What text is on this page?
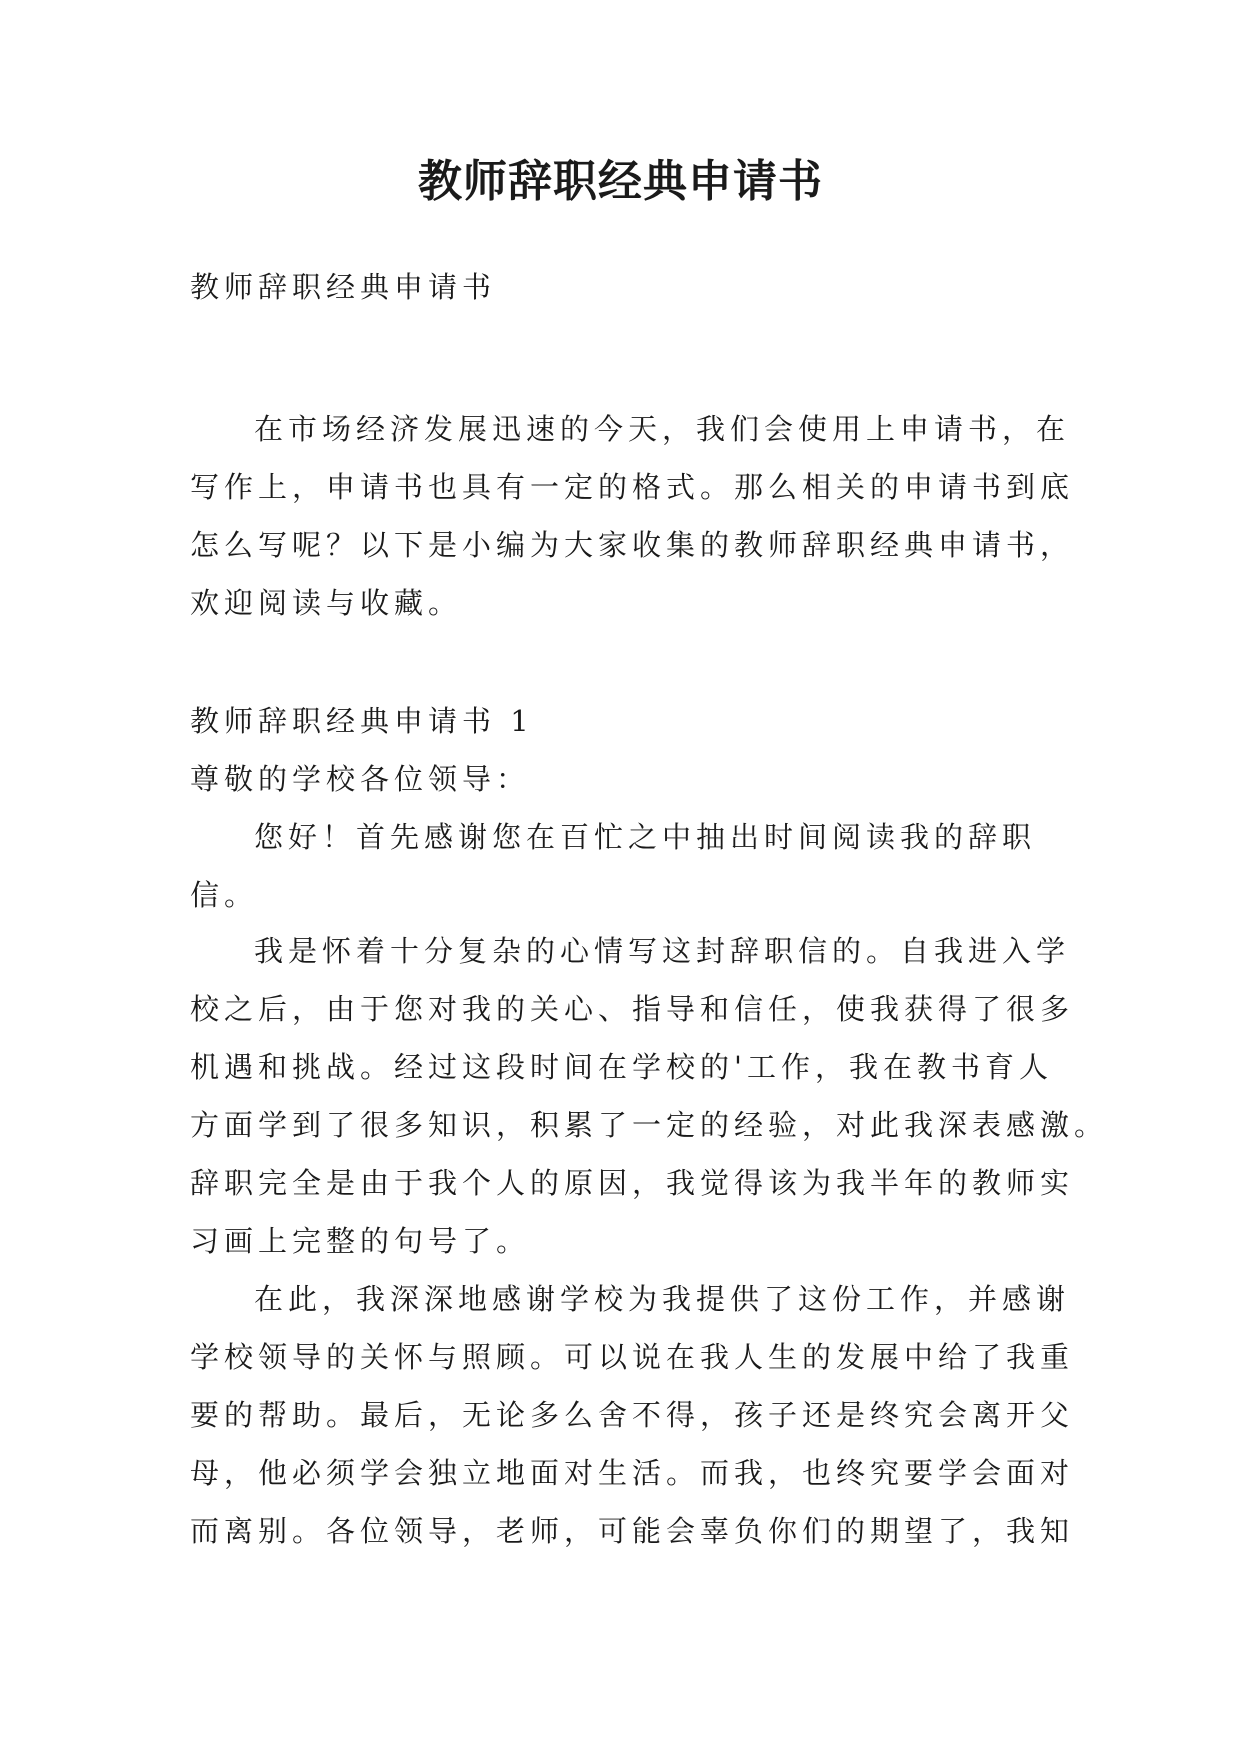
教师辞职经典申请书
教师辞职经典申请书
在市场经济发展迅速的今天，我们会使用上申请书，在
写作上，申请书也具有一定的格式。那么相关的申请书到底
怎么写呢？以下是小编为大家收集的教师辞职经典申请书，
欢迎阅读与收藏。
教师辞职经典申请书 1
尊敬的学校各位领导：
您好！首先感谢您在百忙之中抽出时间阅读我的辞职
信。
我是怀着十分复杂的心情写这封辞职信的。自我进入学
校之后，由于您对我的关心、指导和信任，使我获得了很多
机遇和挑战。经过这段时间在学校的'工作，我在教书育人
方面学到了很多知识，积累了一定的经验，对此我深表感激。
辞职完全是由于我个人的原因，我觉得该为我半年的教师实
习画上完整的句号了。
在此，我深深地感谢学校为我提供了这份工作，并感谢
学校领导的关怀与照顾。可以说在我人生的发展中给了我重
要的帮助。最后，无论多么舍不得，孩子还是终究会离开父
母，他必须学会独立地面对生活。而我，也终究要学会面对
而离别。各位领导，老师，可能会辜负你们的期望了，我知
